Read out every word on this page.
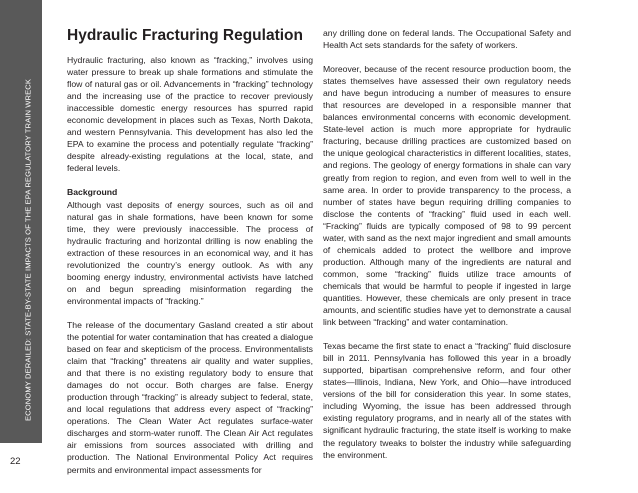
ECONOMY DERAILED: STATE-BY-STATE IMPACTS OF THE EPA REGULATORY TRAIN WRECK
22
Hydraulic Fracturing Regulation

Hydraulic fracturing, also known as “fracking,” involves using water pressure to break up shale formations and stimulate the flow of natural gas or oil. Advancements in “fracking” technology and the increasing use of the practice to recover previously inaccessible domestic energy resources has spurred rapid economic development in places such as Texas, North Dakota, and western Pennsylvania. This development has also led the EPA to examine the process and potentially regulate “fracking” despite already-existing regulations at the local, state, and federal levels.

Background
Although vast deposits of energy sources, such as oil and natural gas in shale formations, have been known for some time, they were previously inaccessible. The process of hydraulic fracturing and horizontal drilling is now enabling the extraction of these resources in an economical way, and it has revolutionized the country’s energy outlook. As with any booming energy industry, environmental activists have latched on and begun spreading misinformation regarding the environmental impacts of “fracking.”

The release of the documentary Gasland created a stir about the potential for water contamination that has created a dialogue based on fear and skepticism of the process. Environmentalists claim that “fracking” threatens air quality and water supplies, and that there is no existing regulatory body to ensure that damages do not occur. Both charges are false. Energy production through “fracking” is already subject to federal, state, and local regulations that address every aspect of “fracking” operations. The Clean Water Act regulates surface-water discharges and storm-water runoff. The Clean Air Act regulates air emissions from sources associated with drilling and production. The National Environmental Policy Act requires permits and environmental impact assessments for

any drilling done on federal lands. The Occupational Safety and Health Act sets standards for the safety of workers.

Moreover, because of the recent resource production boom, the states themselves have assessed their own regulatory needs and have begun introducing a number of measures to ensure that resources are developed in a responsible manner that balances environmental concerns with economic development. State-level action is much more appropriate for hydraulic fracturing, because drilling practices are customized based on the unique geological characteristics in different localities, states, and regions. The geology of energy formations in shale can vary greatly from region to region, and even from well to well in the same area. In order to provide transparency to the process, a number of states have begun requiring drilling companies to disclose the contents of “fracking” fluid used in each well. “Fracking” fluids are typically composed of 98 to 99 percent water, with sand as the next major ingredient and small amounts of chemicals added to protect the wellbore and improve production. Although many of the ingredients are natural and common, some “fracking” fluids utilize trace amounts of chemicals that would be harmful to people if ingested in large quantities. However, these chemicals are only present in trace amounts, and scientific studies have yet to demonstrate a causal link between “fracking” and water contamination.

Texas became the first state to enact a “fracking” fluid disclosure bill in 2011. Pennsylvania has followed this year in a broadly supported, bipartisan comprehensive reform, and four other states—Illinois, Indiana, New York, and Ohio—have introduced versions of the bill for consideration this year. In some states, including Wyoming, the issue has been addressed through existing regulatory programs, and in nearly all of the states with significant hydraulic fracturing, the state itself is working to make the regulatory tweaks to bolster the industry while safeguarding the environment.
